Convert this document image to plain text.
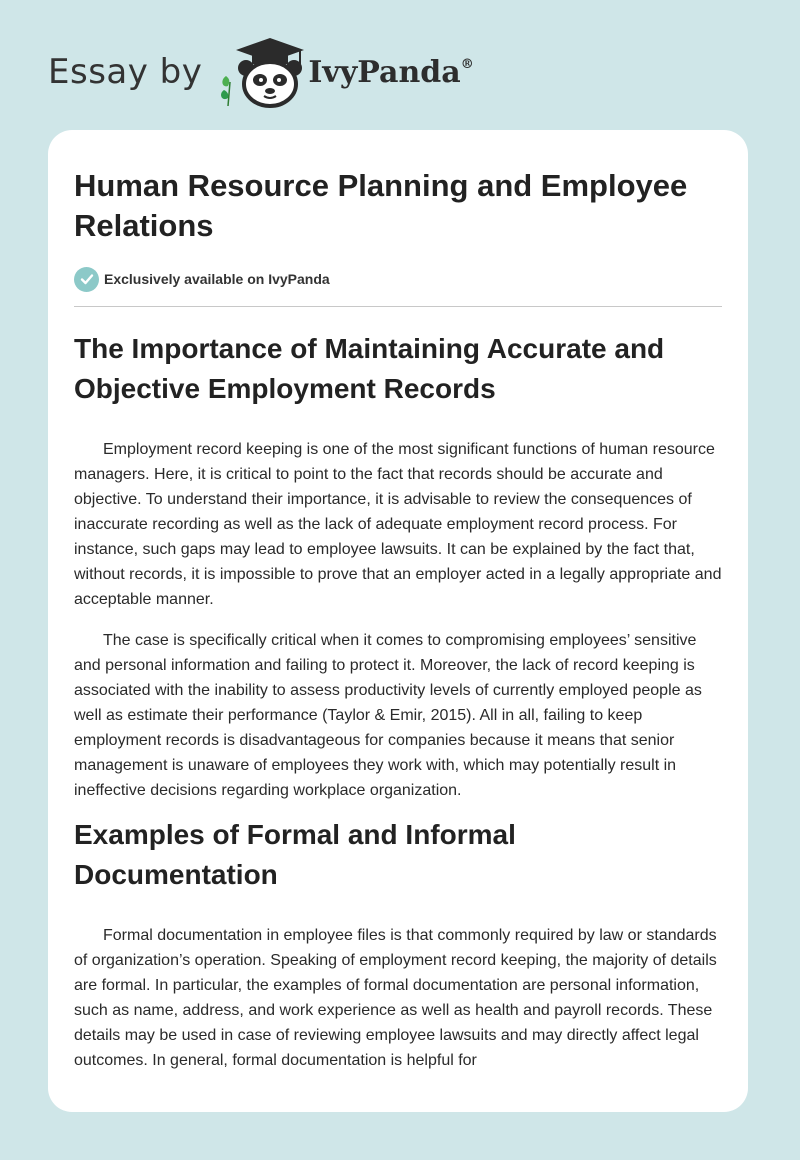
Essay by	IvyPanda®
Human Resource Planning and Employee Relations
Exclusively available on IvyPanda
The Importance of Maintaining Accurate and Objective Employment Records

Employment record keeping is one of the most significant functions of human resource managers. Here, it is critical to point to the fact that records should be accurate and objective. To understand their importance, it is advisable to review the consequences of inaccurate recording as well as the lack of adequate employment record process. For instance, such gaps may lead to employee lawsuits. It can be explained by the fact that, without records, it is impossible to prove that an employer acted in a legally appropriate and acceptable manner.

The case is specifically critical when it comes to compromising employees’ sensitive and personal information and failing to protect it. Moreover, the lack of record keeping is associated with the inability to assess productivity levels of currently employed people as well as estimate their performance (Taylor & Emir, 2015). All in all, failing to keep employment records is disadvantageous for companies because it means that senior management is unaware of employees they work with, which may potentially result in ineffective decisions regarding workplace organization.

Examples of Formal and Informal Documentation

Formal documentation in employee files is that commonly required by law or standards of organization’s operation. Speaking of employment record keeping, the majority of details are formal. In particular, the examples of formal documentation are personal information, such as name, address, and work experience as well as health and payroll records. These details may be used in case of reviewing employee lawsuits and may directly affect legal outcomes. In general, formal documentation is helpful for
